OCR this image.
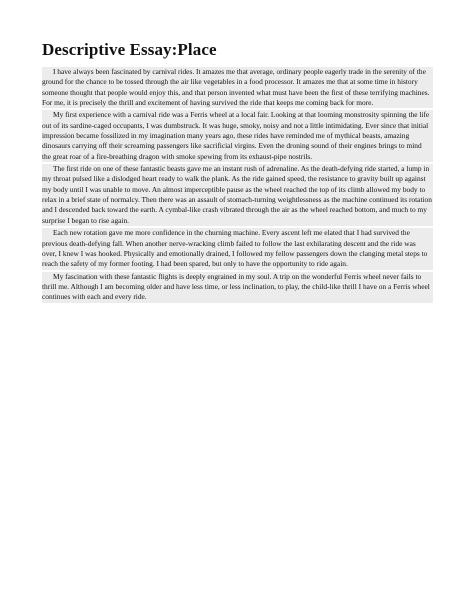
Descriptive Essay:Place

I have always been fascinated by carnival rides. It amazes me that average, ordinary people eagerly trade in the serenity of the ground for the chance to be tossed through the air like vegetables in a food processor. It amazes me that at some time in history someone thought that people would enjoy this, and that person invented what must have been the first of these terrifying machines. For me, it is precisely the thrill and excitement of having survived the ride that keeps me coming back for more.

My first experience with a carnival ride was a Ferris wheel at a local fair. Looking at that looming monstrosity spinning the life out of its sardine-caged occupants, I was dumbstruck. It was huge, smoky, noisy and not a little intimidating. Ever since that initial impression became fossilized in my imagination many years ago, these rides have reminded me of mythical beasts, amazing dinosaurs carrying off their screaming passengers like sacrificial virgins. Even the droning sound of their engines brings to mind the great roar of a fire-breathing dragon with smoke spewing from its exhaust-pipe nostrils.

The first ride on one of these fantastic beasts gave me an instant rush of adrenaline. As the death-defying ride started, a lump in my throat pulsed like a dislodged heart ready to walk the plank. As the ride gained speed, the resistance to gravity built up against my body until I was unable to move. An almost imperceptible pause as the wheel reached the top of its climb allowed my body to relax in a brief state of normalcy. Then there was an assault of stomach-turning weightlessness as the machine continued its rotation and I descended back toward the earth. A cymbal-like crash vibrated through the air as the wheel reached bottom, and much to my surprise I began to rise again.

Each new rotation gave me more confidence in the churning machine. Every ascent left me elated that I had survived the previous death-defying fall. When another nerve-wracking climb failed to follow the last exhilarating descent and the ride was over, I knew I was hooked. Physically and emotionally drained, I followed my fellow passengers down the clanging metal steps to reach the safety of my former footing. I had been spared, but only to have the opportunity to ride again.

My fascination with these fantastic flights is deeply engrained in my soul. A trip on the wonderful Ferris wheel never fails to thrill me. Although I am becoming older and have less time, or less inclination, to play, the child-like thrill I have on a Ferris wheel continues with each and every ride.
